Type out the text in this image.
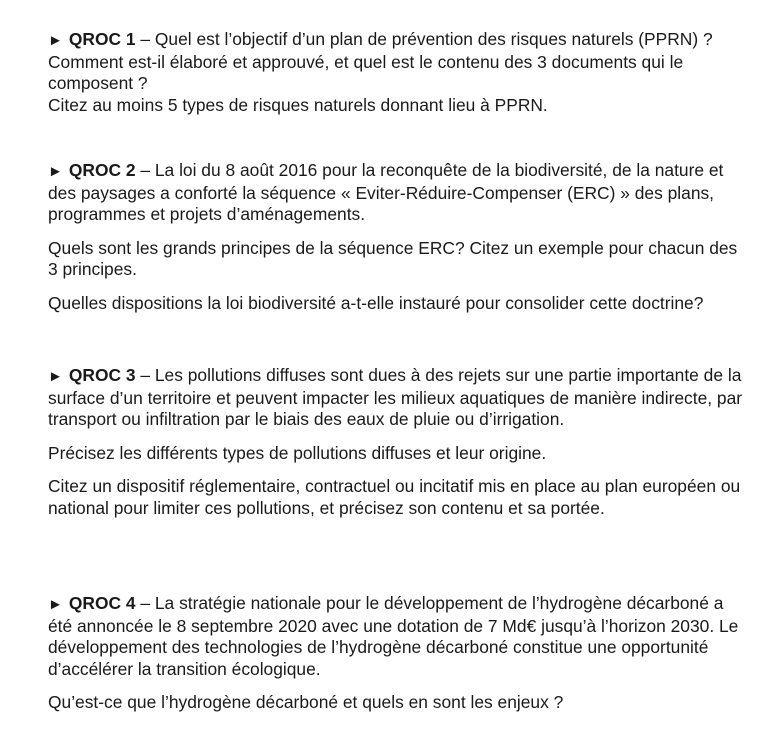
► QROC 1 – Quel est l’objectif d’un plan de prévention des risques naturels (PPRN) ?Comment est-il élaboré et approuvé, et quel est le contenu des 3 documents qui le composent ?
Citez au moins 5 types de risques naturels donnant lieu à PPRN.

► QROC 2 – La loi du 8 août 2016 pour la reconquête de la biodiversité, de la nature et des paysages a conforté la séquence « Eviter-Réduire-Compenser (ERC) » des plans, programmes et projets d’aménagements.

Quels sont les grands principes de la séquence ERC? Citez un exemple pour chacun des 3 principes.

Quelles dispositions la loi biodiversité a-t-elle instauré pour consolider cette doctrine?

► QROC 3 – Les pollutions diffuses sont dues à des rejets sur une partie importante de la surface d’un territoire et peuvent impacter les milieux aquatiques de manière indirecte, par transport ou infiltration par le biais des eaux de pluie ou d’irrigation.

Précisez les différents types de pollutions diffuses et leur origine.

Citez un dispositif réglementaire, contractuel ou incitatif mis en place au plan européen ou national pour limiter ces pollutions, et précisez son contenu et sa portée.

► QROC 4 – La stratégie nationale pour le développement de l’hydrogène décarboné a été annoncée le 8 septembre 2020 avec une dotation de 7 Md€ jusqu’à l’horizon 2030. Le développement des technologies de l’hydrogène décarboné constitue une opportunité d’accélérer la transition écologique.

Qu’est-ce que l’hydrogène décarboné et quels en sont les enjeux ?
